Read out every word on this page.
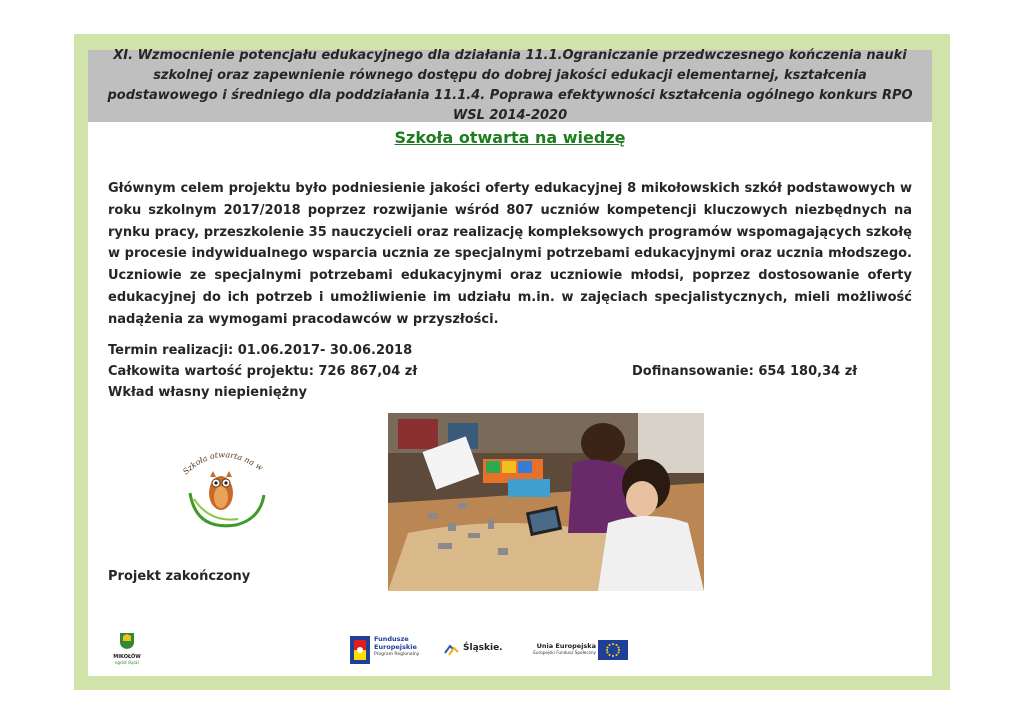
XI. Wzmocnienie potencjału edukacyjnego dla działania 11.1.Ograniczanie przedwczesnego kończenia nauki szkolnej oraz zapewnienie równego dostępu do dobrej jakości edukacji elementarnej, kształcenia podstawowego i średniego dla poddziałania 11.1.4. Poprawa efektywności kształcenia ogólnego konkurs RPO WSL 2014-2020
Szkoła otwarta na wiedzę
Głównym celem projektu było podniesienie jakości oferty edukacyjnej 8 mikołowskich szkół podstawowych w roku szkolnym 2017/2018 poprzez rozwijanie wśród 807 uczniów kompetencji kluczowych niezbędnych na rynku pracy, przeszkolenie 35 nauczycieli oraz realizację kompleksowych programów wspomagających szkołę w procesie indywidualnego wsparcia ucznia ze specjalnymi potrzebami edukacyjnymi oraz ucznia młodszego. Uczniowie ze specjalnymi potrzebami edukacyjnymi oraz uczniowie młodsi, poprzez dostosowanie oferty edukacyjnej do ich potrzeb i umożliwienie im udziału m.in. w zajęciach specjalistycznych, mieli możliwość nadążenia za wymogami pracodawców w przyszłości.
Termin realizacji: 01.06.2017- 30.06.2018
Całkowita wartość projektu: 726 867,04 zł	Dofinansowanie: 654 180,34 zł
Wkład własny niepieniężny
Szkoła otwarta na w
Projekt zakończony
MIKOŁÓW
ogród śląski
Fundusze
Europejskie
Program Regionalny
Śląskie.	Unia Europejska
Europejski Fundusz Społeczny
